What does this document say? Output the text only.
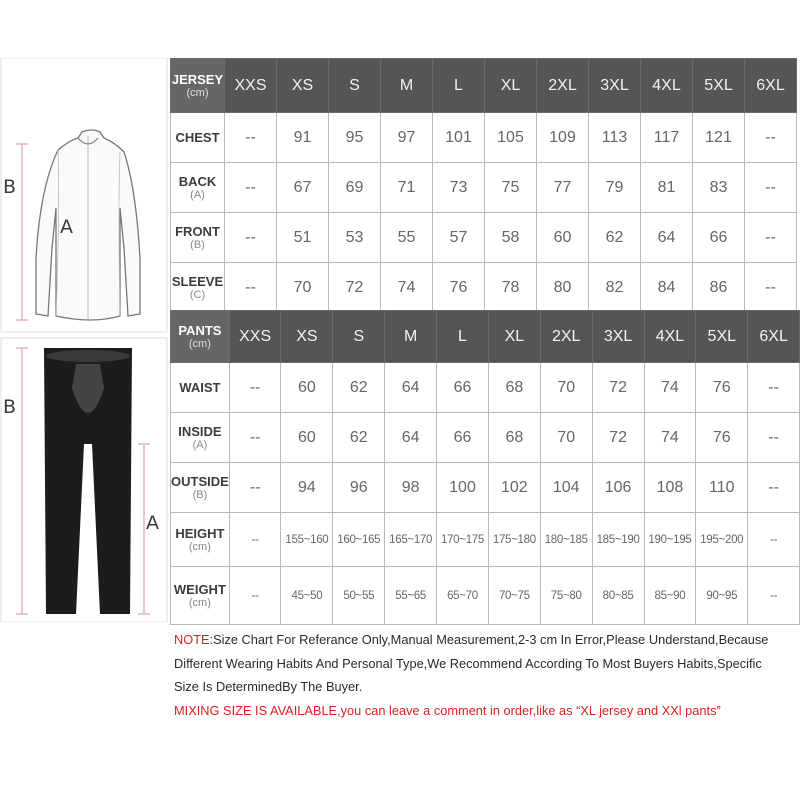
B
A
B
A
JERSEY
(cm)	XXS	XS	S	M	L	XL	2XL	3XL	4XL	5XL	6XL

CHEST	--	91	95	97	101	105	109	113	117	121	--

BACK
(A)	--	67	69	71	73	75	77	79	81	83	--

FRONT
(B)	--	51	53	55	57	58	60	62	64	66	--

SLEEVE
(C)	--	70	72	74	76	78	80	82	84	86	--
PANTS
(cm)	XXS	XS	S	M	L	XL	2XL	3XL	4XL	5XL	6XL

WAIST	--	60	62	64	66	68	70	72	74	76	--

INSIDE
(A)	--	60	62	64	66	68	70	72	74	76	--

OUTSIDE
(B)	--	94	96	98	100	102	104	106	108	110	--

HEIGHT
(cm)	--	155~160	160~165	165~170	170~175	175~180	180~185	185~190	190~195	195~200	--

WEIGHT
(cm)	--	45~50	50~55	55~65	65~70	70~75	75~80	80~85	85~90	90~95	--
NOTE:Size Chart For Referance Only,Manual Measurement,2-3 cm In Error,Please Understand,Because
Different Wearing Habits And Personal Type,We Recommend According To Most Buyers Habits,Specific
Size Is DeterminedBy The Buyer.
MIXING SIZE IS AVAILABLE,you can leave a comment in order,like as “XL jersey and XXl pants”
